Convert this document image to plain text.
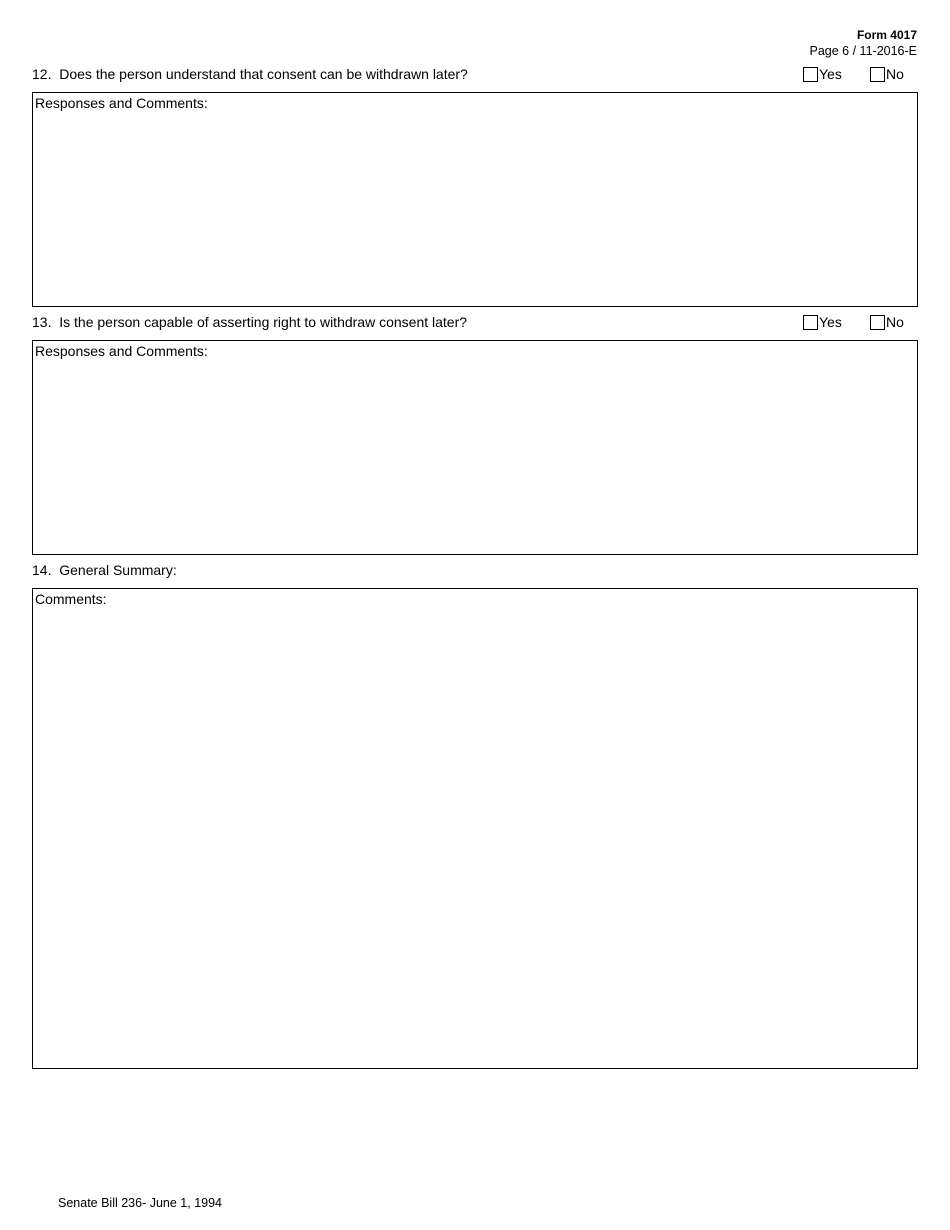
Form 4017
Page 6 / 11-2016-E
12. Does the person understand that consent can be withdrawn later?	Yes	No
Responses and Comments:
13. Is the person capable of asserting right to withdraw consent later?	Yes	No
Responses and Comments:
14. General Summary:
Comments:
Senate Bill 236- June 1, 1994
